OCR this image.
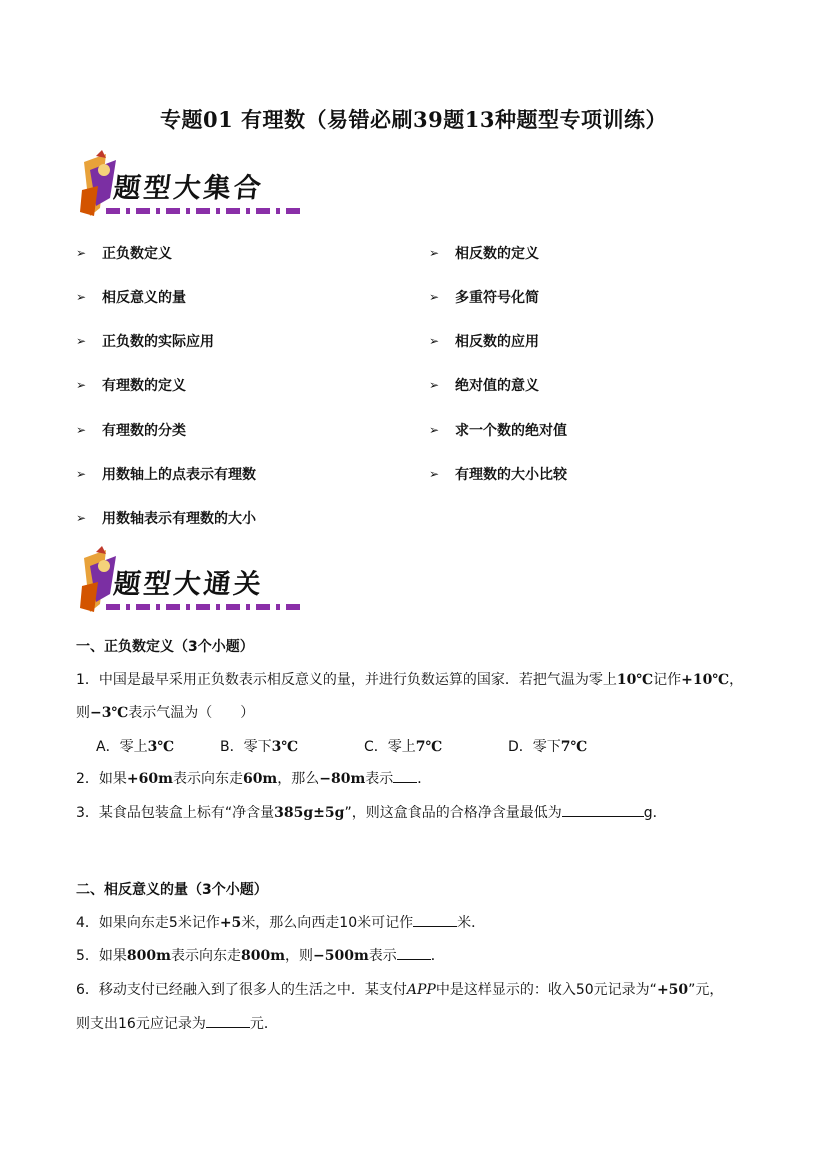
专题01 有理数（易错必刷39题13种题型专项训练）
题型大集合
➢ 正负数定义
➢ 相反意义的量
➢ 正负数的实际应用
➢ 有理数的定义
➢ 有理数的分类
➢ 用数轴上的点表示有理数
➢ 用数轴表示有理数的大小
➢ 相反数的定义
➢ 多重符号化简
➢ 相反数的应用
➢ 绝对值的意义
➢ 求一个数的绝对值
➢ 有理数的大小比较
题型大通关
一、正负数定义（3个小题）
1．中国是最早采用正负数表示相反意义的量，并进行负数运算的国家．若把气温为零上10℃记作+10℃，
则−3℃表示气温为（　　）
A．零上3℃	B．零下3℃	C．零上7℃	D．零下7℃
2．如果+60m表示向东走60m，那么−80m表示 ．
3．某食品包装盒上标有“净含量385g±5g”，则这盒食品的合格净含量最低为	g．
二、相反意义的量（3个小题）
4．如果向东走5米记作+5米，那么向西走10米可记作	米．
5．如果800m表示向东走800m，则−500m表示 ．
6．移动支付已经融入到了很多人的生活之中．某支付APP中是这样显示的：收入50元记录为“+50”元，
则支出16元应记录为	元．
